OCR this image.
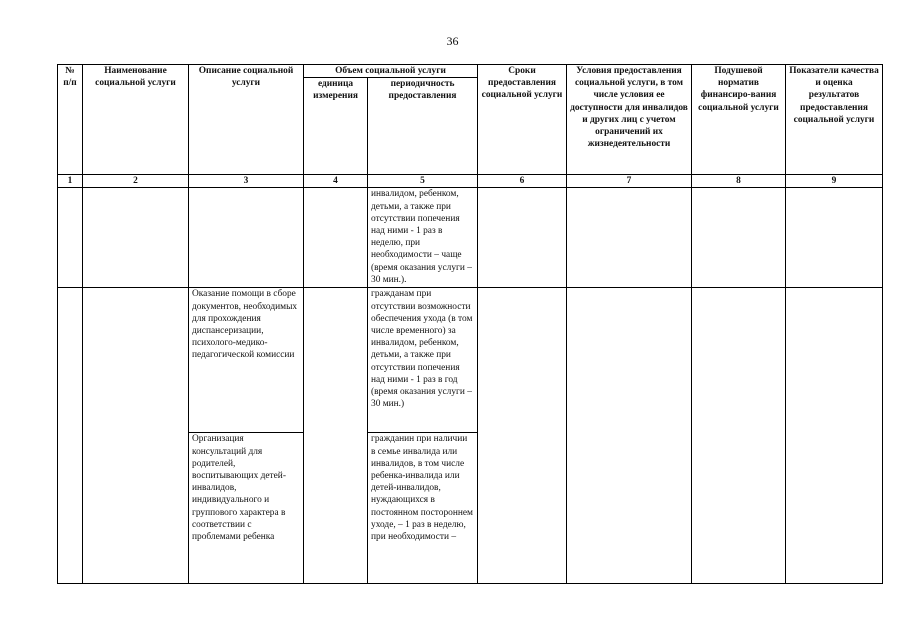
36
№ п/п	Наименование социальной услуги	Описание социальной услуги	Объем социальной услуги		Сроки предоставления социальной услуги	Условия предоставления социальной услуги, в том числе условия ее доступности для инвалидов и других лиц с учетом ограничений их жизнедеятельности	Подушевой норматив финансиро-вания социальной услуги	Показатели качества и оценка результатов предоставления социальной услуги
			единица измерения	периодичность предоставления				
1	2	3	4	5	6	7	8	9
				инвалидом, ребенком, детьми, а также при отсутствии попечения над ними - 1 раз в неделю, при необходимости – чаще (время оказания услуги – 30 мин.).				
		Оказание помощи в сборе документов, необходимых для прохождения диспансеризации, психолого-медико-педагогической комиссии		гражданам при отсутствии возможности обеспечения ухода (в том числе временного) за инвалидом, ребенком, детьми, а также при отсутствии попечения над ними - 1 раз в год (время оказания услуги – 30 мин.)				
		Организация консультаций для родителей, воспитывающих детей-инвалидов, индивидуального и группового характера в соответствии с проблемами ребенка		гражданин при наличии в семье инвалида или инвалидов, в том числе ребенка-инвалида или детей-инвалидов, нуждающихся в постоянном постороннем уходе, – 1 раз в неделю, при необходимости –				
